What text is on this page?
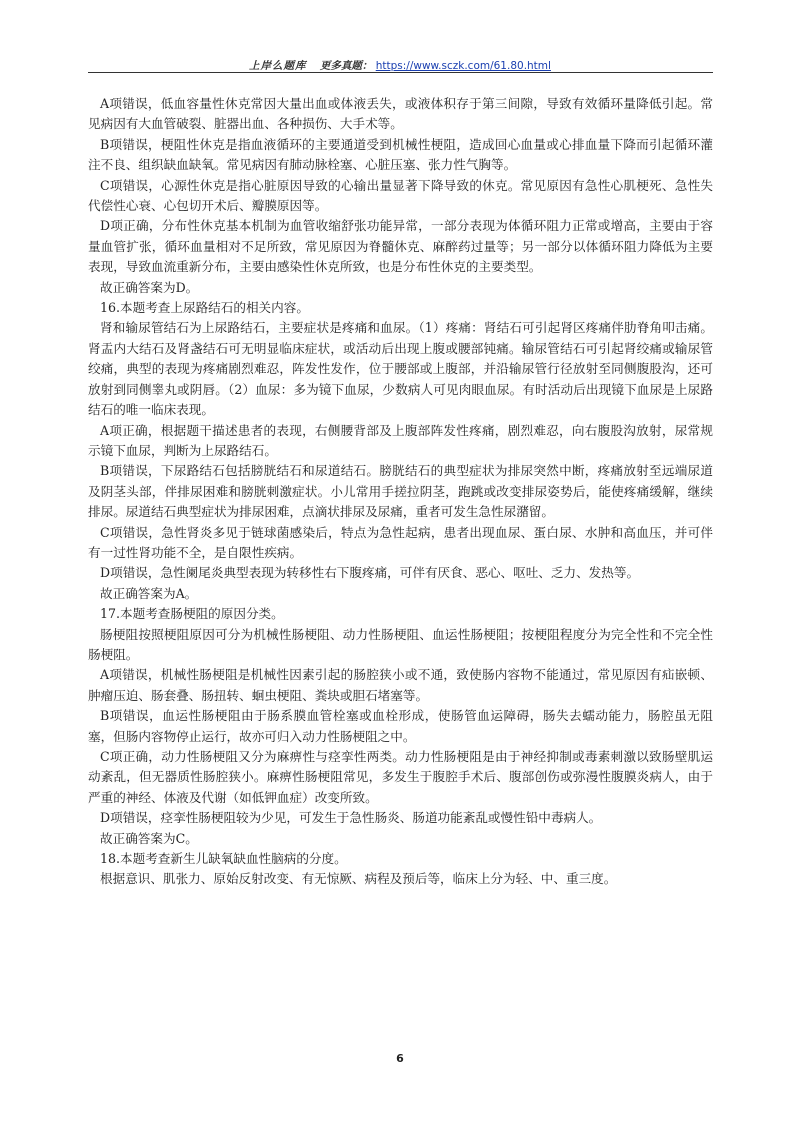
上岸么题库 更多真题： https://www.sczk.com/61.80.html

A项错误，低血容量性休克常因大量出血或体液丢失，或液体积存于第三间隙，导致有效循环量降低引起。常见病因有大血管破裂、脏器出血、各种损伤、大手术等。

B项错误，梗阻性休克是指血液循环的主要通道受到机械性梗阻，造成回心血量或心排血量下降而引起循环灌注不良、组织缺血缺氧。常见病因有肺动脉栓塞、心脏压塞、张力性气胸等。

C项错误，心源性休克是指心脏原因导致的心输出量显著下降导致的休克。常见原因有急性心肌梗死、急性失代偿性心衰、心包切开术后、瓣膜原因等。

D项正确，分布性休克基本机制为血管收缩舒张功能异常，一部分表现为体循环阻力正常或增高，主要由于容量血管扩张，循环血量相对不足所致，常见原因为脊髓休克、麻醉药过量等；另一部分以体循环阻力降低为主要表现，导致血流重新分布，主要由感染性休克所致，也是分布性休克的主要类型。

故正确答案为D。

16.本题考查上尿路结石的相关内容。

肾和输尿管结石为上尿路结石，主要症状是疼痛和血尿。（1）疼痛：肾结石可引起肾区疼痛伴肋脊角叩击痛。肾盂内大结石及肾盏结石可无明显临床症状，或活动后出现上腹或腰部钝痛。输尿管结石可引起肾绞痛或输尿管绞痛，典型的表现为疼痛剧烈难忍，阵发性发作，位于腰部或上腹部，并沿输尿管行径放射至同侧腹股沟，还可放射到同侧睾丸或阴唇。（2）血尿：多为镜下血尿，少数病人可见肉眼血尿。有时活动后出现镜下血尿是上尿路结石的唯一临床表现。

A项正确，根据题干描述患者的表现，右侧腰背部及上腹部阵发性疼痛，剧烈难忍，向右腹股沟放射，尿常规示镜下血尿，判断为上尿路结石。

B项错误，下尿路结石包括膀胱结石和尿道结石。膀胱结石的典型症状为排尿突然中断，疼痛放射至远端尿道及阴茎头部，伴排尿困难和膀胱刺激症状。小儿常用手搓拉阴茎，跑跳或改变排尿姿势后，能使疼痛缓解，继续排尿。尿道结石典型症状为排尿困难，点滴状排尿及尿痛，重者可发生急性尿潴留。

C项错误，急性肾炎多见于链球菌感染后，特点为急性起病，患者出现血尿、蛋白尿、水肿和高血压，并可伴有一过性肾功能不全，是自限性疾病。

D项错误，急性阑尾炎典型表现为转移性右下腹疼痛，可伴有厌食、恶心、呕吐、乏力、发热等。

故正确答案为A。

17.本题考查肠梗阻的原因分类。

肠梗阻按照梗阻原因可分为机械性肠梗阻、动力性肠梗阻、血运性肠梗阻；按梗阻程度分为完全性和不完全性肠梗阻。

A项错误，机械性肠梗阻是机械性因素引起的肠腔狭小或不通，致使肠内容物不能通过，常见原因有疝嵌顿、肿瘤压迫、肠套叠、肠扭转、蛔虫梗阻、粪块或胆石堵塞等。

B项错误，血运性肠梗阻由于肠系膜血管栓塞或血栓形成，使肠管血运障碍，肠失去蠕动能力，肠腔虽无阻塞，但肠内容物停止运行，故亦可归入动力性肠梗阻之中。

C项正确，动力性肠梗阻又分为麻痹性与痉挛性两类。动力性肠梗阻是由于神经抑制或毒素刺激以致肠壁肌运动紊乱，但无器质性肠腔狭小。麻痹性肠梗阻常见，多发生于腹腔手术后、腹部创伤或弥漫性腹膜炎病人，由于严重的神经、体液及代谢（如低钾血症）改变所致。

D项错误，痉挛性肠梗阻较为少见，可发生于急性肠炎、肠道功能紊乱或慢性铅中毒病人。

故正确答案为C。

18.本题考查新生儿缺氧缺血性脑病的分度。

根据意识、肌张力、原始反射改变、有无惊厥、病程及预后等，临床上分为轻、中、重三度。

6
